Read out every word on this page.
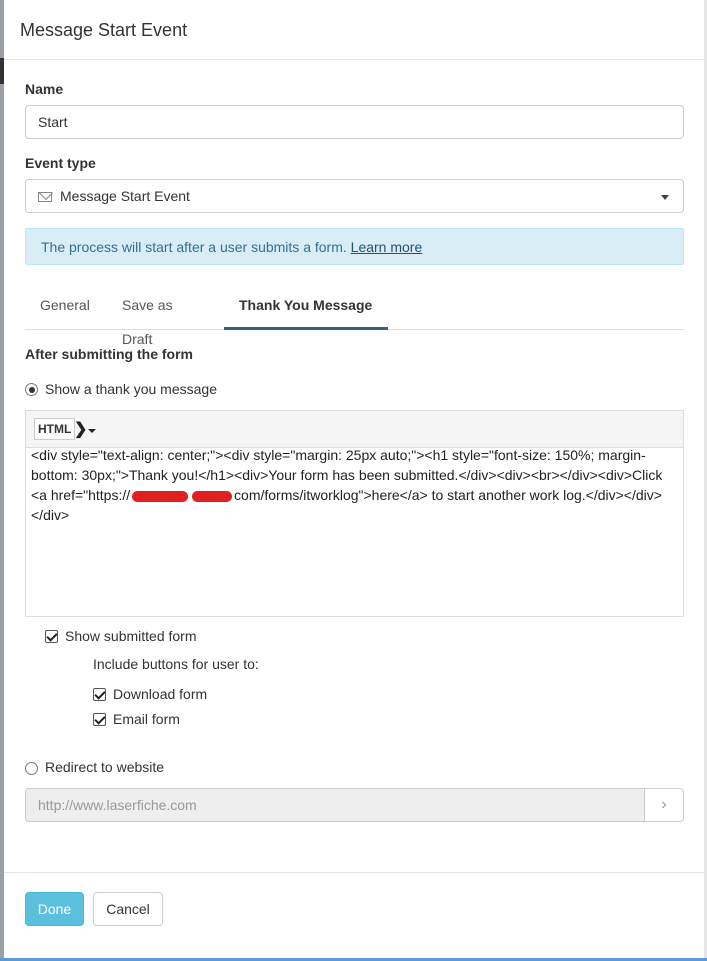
Message Start Event
Name
Start
Event type
Message Start Event
The process will start after a user submits a form. Learn more
General	Save as Draft
Thank You Message
After submitting the form
Show a thank you message
HTML ❯
<div style="text-align: center;"><div style="margin: 25px auto;"><h1 style="font-size: 150%; margin-bottom: 30px;">Thank you!</h1><div>Your form has been submitted.</div><div><br></div><div>Click <a href="https://	com/forms/itworklog">here</a> to start another work log.</div></div></div>
Show submitted form
Include buttons for user to:
Download form
Email form
Redirect to website
http://www.laserfiche.com	›
Done	Cancel
